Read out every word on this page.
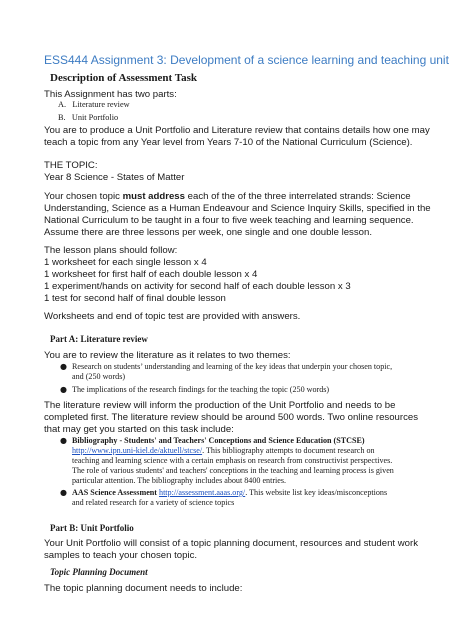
ESS444 Assignment 3: Development of a science learning and teaching unit
Description of Assessment Task
This Assignment has two parts:
A. Literature review
B. Unit Portfolio
You are to produce a Unit Portfolio and Literature review that contains details how one may
teach a topic from any Year level from Years 7-10 of the National Curriculum (Science).
THE TOPIC:
Year 8 Science - States of Matter
Your chosen topic must address each of the of the three interrelated strands: Science
Understanding, Science as a Human Endeavour and Science Inquiry Skills, specified in the
National Curriculum to be taught in a four to five week teaching and learning sequence.
Assume there are three lessons per week, one single and one double lesson.
The lesson plans should follow:
1 worksheet for each single lesson x 4
1 worksheet for first half of each double lesson x 4
1 experiment/hands on activity for second half of each double lesson x 3
1 test for second half of final double lesson
Worksheets and end of topic test are provided with answers.
Part A: Literature review
You are to review the literature as it relates to two themes:
● Research on students’ understanding and learning of the key ideas that underpin your chosen topic,
and (250 words)
● The implications of the research findings for the teaching the topic (250 words)
The literature review will inform the production of the Unit Portfolio and needs to be
completed first. The literature review should be around 500 words. Two online resources
that may get you started on this task include:
● Bibliography - Students' and Teachers' Conceptions and Science Education (STCSE)
http://www.ipn.uni-kiel.de/aktuell/stcse/. This bibliography attempts to document research on
teaching and learning science with a certain emphasis on research from constructivist perspectives.
The role of various students' and teachers' conceptions in the teaching and learning process is given
particular attention. The bibliography includes about 8400 entries.
● AAS Science Assessment http://assessment.aaas.org/. This website list key ideas/misconceptions
and related research for a variety of science topics
Part B: Unit Portfolio
Your Unit Portfolio will consist of a topic planning document, resources and student work
samples to teach your chosen topic.
Topic Planning Document
The topic planning document needs to include:
